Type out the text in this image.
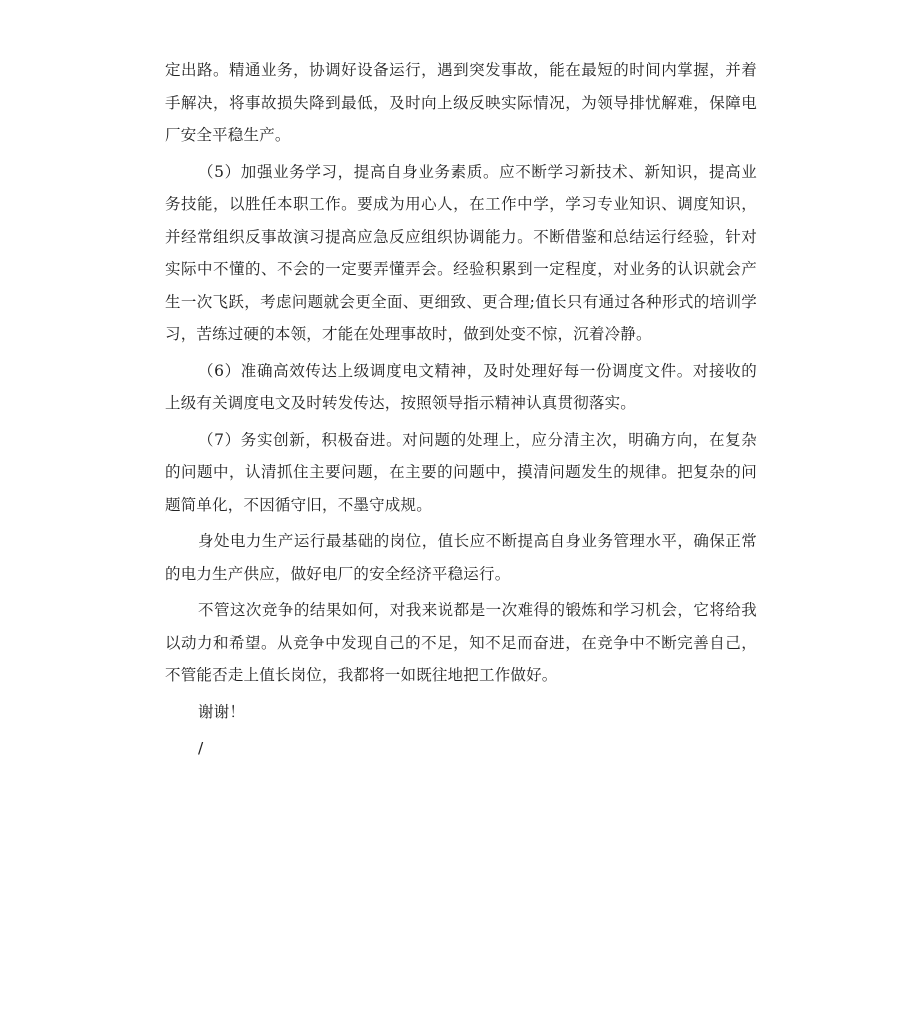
定出路。精通业务，协调好设备运行，遇到突发事故，能在最短的时间内掌握，并着手解决，将事故损失降到最低，及时向上级反映实际情况，为领导排忧解难，保障电厂安全平稳生产。

（5）加强业务学习，提高自身业务素质。应不断学习新技术、新知识，提高业务技能，以胜任本职工作。要成为用心人，在工作中学，学习专业知识、调度知识，并经常组织反事故演习提高应急反应组织协调能力。不断借鉴和总结运行经验，针对实际中不懂的、不会的一定要弄懂弄会。经验积累到一定程度，对业务的认识就会产生一次飞跃，考虑问题就会更全面、更细致、更合理;值长只有通过各种形式的培训学习，苦练过硬的本领，才能在处理事故时，做到处变不惊，沉着冷静。

（6）准确高效传达上级调度电文精神，及时处理好每一份调度文件。对接收的上级有关调度电文及时转发传达，按照领导指示精神认真贯彻落实。

（7）务实创新，积极奋进。对问题的处理上，应分清主次，明确方向，在复杂的问题中，认清抓住主要问题，在主要的问题中，摸清问题发生的规律。把复杂的问题简单化，不因循守旧，不墨守成规。

身处电力生产运行最基础的岗位，值长应不断提高自身业务管理水平，确保正常的电力生产供应，做好电厂的安全经济平稳运行。

不管这次竞争的结果如何，对我来说都是一次难得的锻炼和学习机会，它将给我以动力和希望。从竞争中发现自己的不足，知不足而奋进，在竞争中不断完善自己，不管能否走上值长岗位，我都将一如既往地把工作做好。

谢谢！

/
